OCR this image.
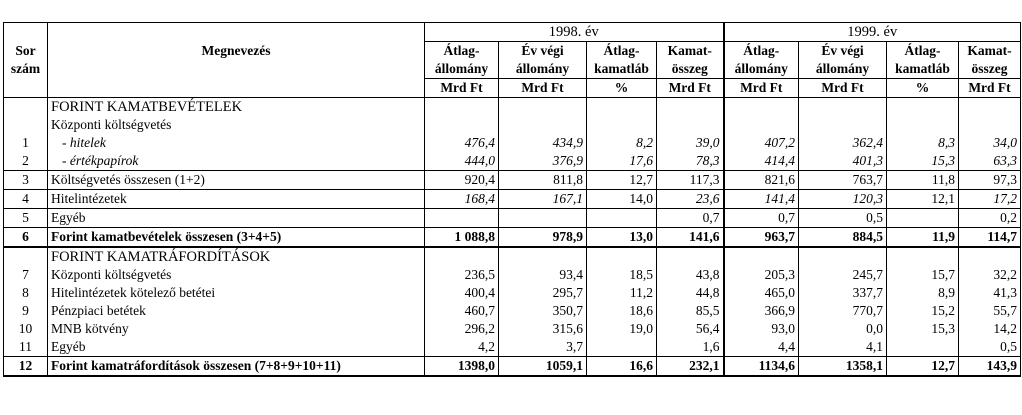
		1998. év				1999. év			
Sor	Megnevezés	Átlag-	Év végi	Átlag-	Kamat-	Átlag-	Év végi	Átlag-	Kamat-
szám		állomány	állomány	kamatláb	összeg	állomány	állomány	kamatláb	összeg
		Mrd Ft	Mrd Ft	%	Mrd Ft	Mrd Ft	Mrd Ft	%	Mrd Ft
	FORINT KAMATBEVÉTELEK								
	Központi költségvetés								
1	- hitelek	476,4	434,9	8,2	39,0	407,2	362,4	8,3	34,0
2	- értékpapírok	444,0	376,9	17,6	78,3	414,4	401,3	15,3	63,3
3	Költségvetés összesen (1+2)	920,4	811,8	12,7	117,3	821,6	763,7	11,8	97,3
4	Hitelintézetek	168,4	167,1	14,0	23,6	141,4	120,3	12,1	17,2
5	Egyéb				0,7	0,7	0,5		0,2
6	Forint kamatbevételek összesen (3+4+5)	1 088,8	978,9	13,0	141,6	963,7	884,5	11,9	114,7
	FORINT KAMATRÁFORDÍTÁSOK								
7	Központi költségvetés	236,5	93,4	18,5	43,8	205,3	245,7	15,7	32,2
8	Hitelintézetek kötelező betétei	400,4	295,7	11,2	44,8	465,0	337,7	8,9	41,3
9	Pénzpiaci betétek	460,7	350,7	18,6	85,5	366,9	770,7	15,2	55,7
10	MNB kötvény	296,2	315,6	19,0	56,4	93,0	0,0	15,3	14,2
11	Egyéb	4,2	3,7		1,6	4,4	4,1		0,5
12	Forint kamatráfordítások összesen (7+8+9+10+11)	1398,0	1059,1	16,6	232,1	1134,6	1358,1	12,7	143,9
